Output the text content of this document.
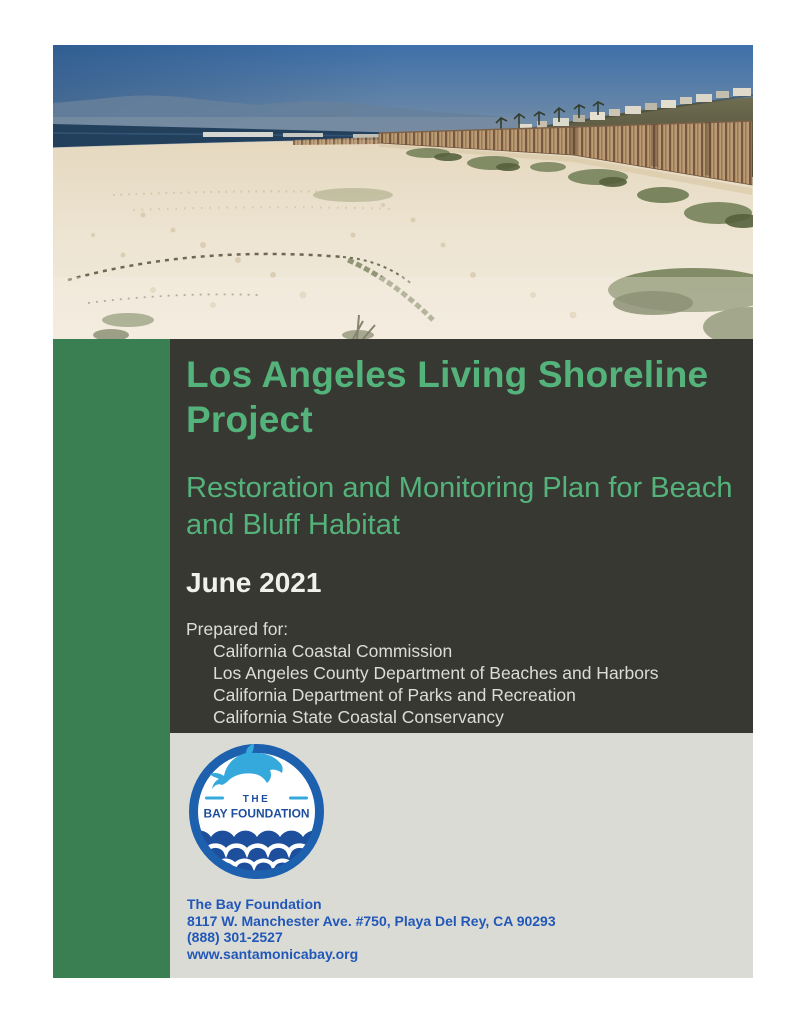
Los Angeles Living Shoreline Project
Restoration and Monitoring Plan for Beach and Bluff Habitat
June 2021
Prepared for:
California Coastal Commission
Los Angeles County Department of Beaches and Harbors
California Department of Parks and Recreation
California State Coastal Conservancy
THE
BAY FOUNDATION
The Bay Foundation
8117 W. Manchester Ave. #750, Playa Del Rey, CA 90293
(888) 301-2527
www.santamonicabay.org
